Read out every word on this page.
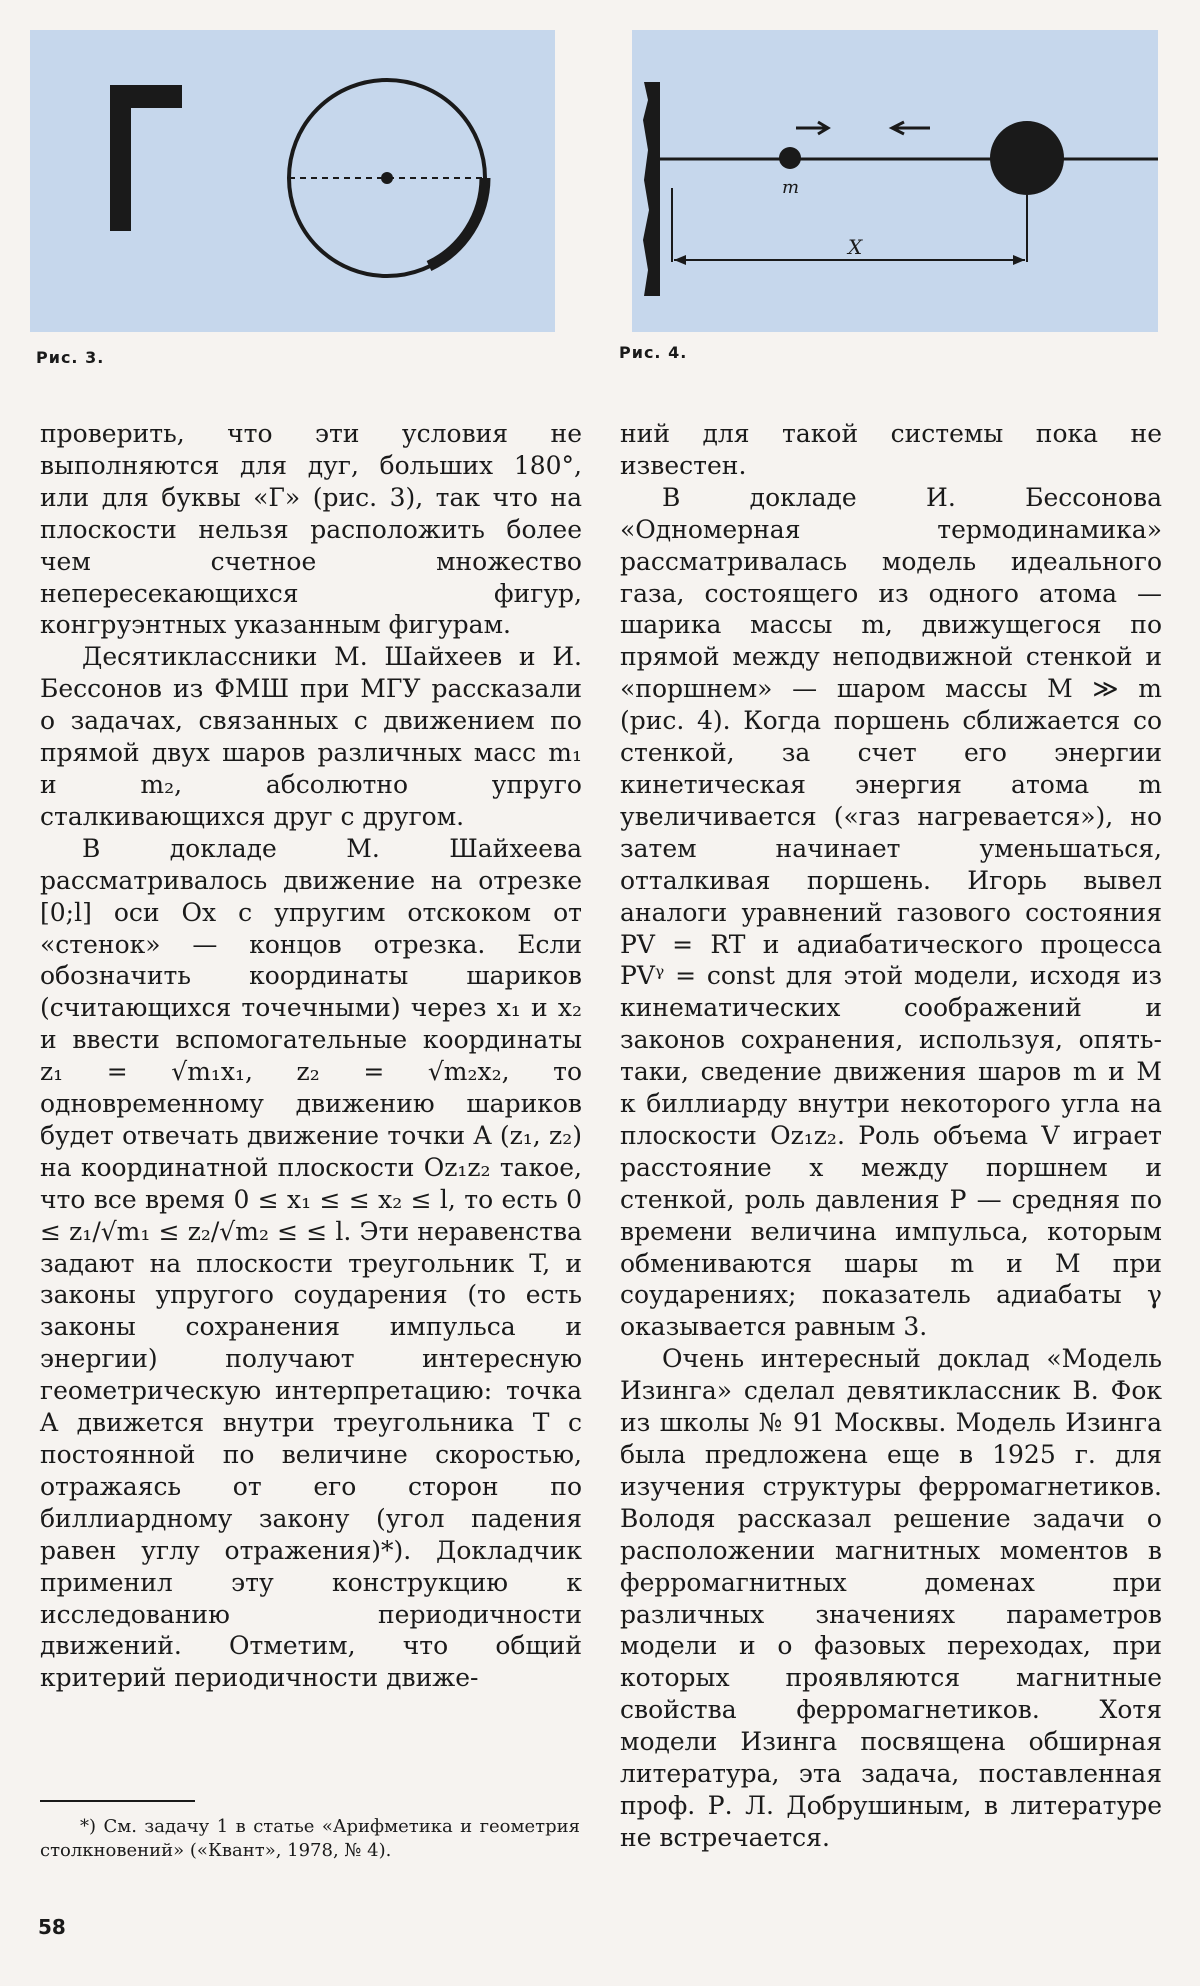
Рис. 3.
m
X
Рис. 4.

проверить, что эти условия не выполняются для дуг, больших 180°, или для буквы «Г» (рис. 3), так что на плоскости нельзя расположить более чем счетное множество непересекающихся фигур, конгруэнтных указанным фигурам.

Десятиклассники М. Шайхеев и И. Бессонов из ФМШ при МГУ рассказали о задачах, связанных с движением по прямой двух шаров различных масс m₁ и m₂, абсолютно упруго сталкивающихся друг с другом.

В докладе М. Шайхеева рассматривалось движение на отрезке [0;l] оси Ox с упругим отскоком от «стенок» — концов отрезка. Если обозначить координаты шариков (считающихся точечными) через x₁ и x₂ и ввести вспомогательные координаты z₁ = √m₁x₁, z₂ = √m₂x₂, то одновременному движению шариков будет отвечать движение точки A (z₁, z₂) на координатной плоскости Oz₁z₂ такое, что все время 0 ≤ x₁ ≤ ≤ x₂ ≤ l, то есть 0 ≤ z₁/√m₁ ≤ z₂/√m₂ ≤ ≤ l. Эти неравенства задают на плоскости треугольник T, и законы упругого соударения (то есть законы сохранения импульса и энергии) получают интересную геометрическую интерпретацию: точка A движется внутри треугольника T с постоянной по величине скоростью, отражаясь от его сторон по биллиардному закону (угол падения равен углу отражения)*). Докладчик применил эту конструкцию к исследованию периодичности движений. Отметим, что общий критерий периодичности движе-

ний для такой системы пока не известен.

В докладе И. Бессонова «Одномерная термодинамика» рассматривалась модель идеального газа, состоящего из одного атома — шарика массы m, движущегося по прямой между неподвижной стенкой и «поршнем» — шаром массы M ≫ m (рис. 4). Когда поршень сближается со стенкой, за счет его энергии кинетическая энергия атома m увеличивается («газ нагревается»), но затем начинает уменьшаться, отталкивая поршень. Игорь вывел аналоги уравнений газового состояния PV = RT и адиабатического процесса PVᵞ = const для этой модели, исходя из кинематических соображений и законов сохранения, используя, опять-таки, сведение движения шаров m и M к биллиарду внутри некоторого угла на плоскости Oz₁z₂. Роль объема V играет расстояние x между поршнем и стенкой, роль давления P — средняя по времени величина импульса, которым обмениваются шары m и M при соударениях; показатель адиабаты γ оказывается равным 3.

Очень интересный доклад «Модель Изинга» сделал девятиклассник В. Фок из школы № 91 Москвы. Модель Изинга была предложена еще в 1925 г. для изучения структуры ферромагнетиков. Володя рассказал решение задачи о расположении магнитных моментов в ферромагнитных доменах при различных значениях параметров модели и о фазовых переходах, при которых проявляются магнитные свойства ферромагнетиков. Хотя модели Изинга посвящена обширная литература, эта задача, поставленная проф. Р. Л. Добрушиным, в литературе не встречается.

*) См. задачу 1 в статье «Арифметика и геометрия столкновений» («Квант», 1978, № 4).
58
